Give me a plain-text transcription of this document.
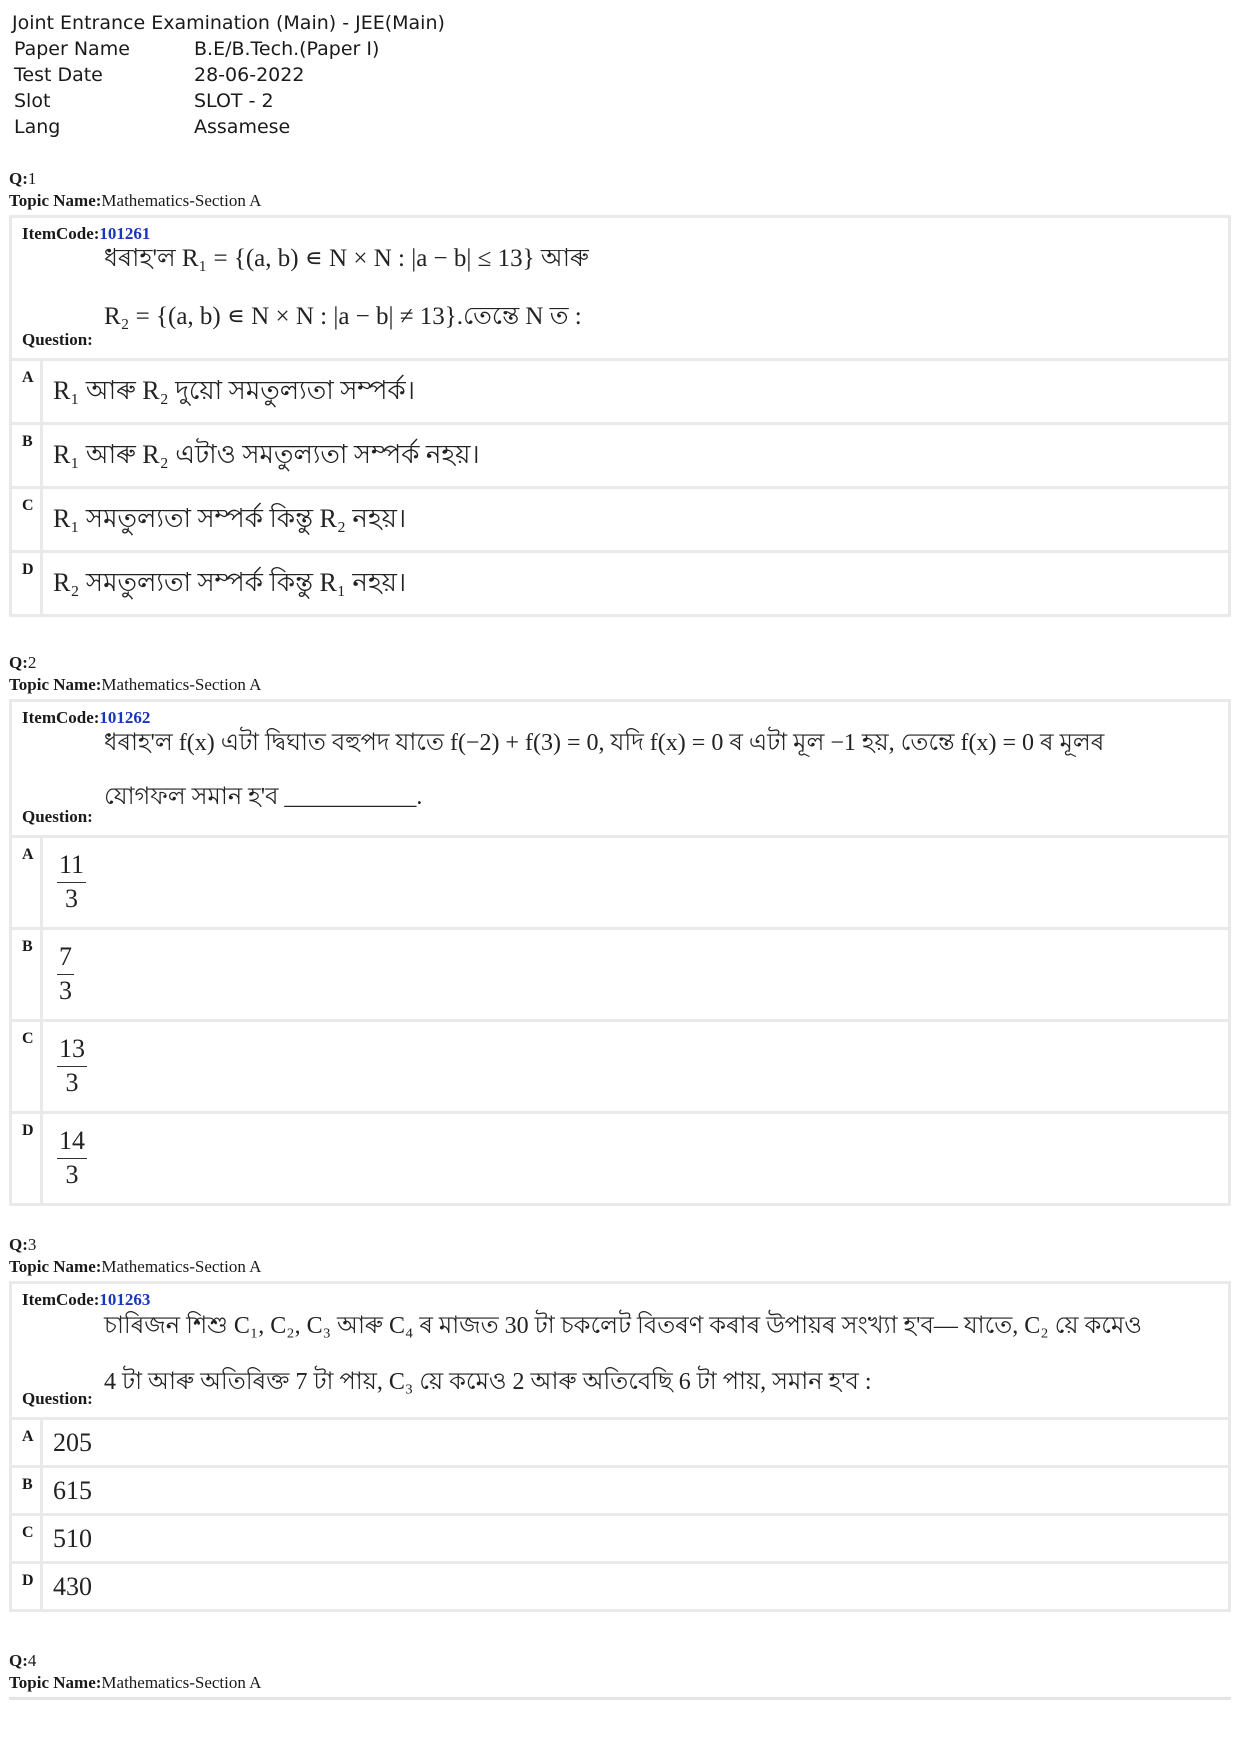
Joint Entrance Examination (Main) - JEE(Main)
Paper Name	B.E/B.Tech.(Paper I)
Test Date	28-06-2022
Slot	SLOT - 2
Lang	Assamese
Q:1
Topic Name:Mathematics-Section A
ItemCode:101261
ধৰাহ'ল R₁ = {(a, b) ∊ N × N : |a − b| ≤ 13} আৰু
R₂ = {(a, b) ∊ N × N : |a − b| ≠ 13}.তেন্তে N ত :
Question:
A R₁ আৰু R₂ দুয়ো সমতুল্যতা সম্পৰ্ক।
B R₁ আৰু R₂ এটাও সমতুল্যতা সম্পৰ্ক নহয়।
C R₁ সমতুল্যতা সম্পৰ্ক কিন্তু R₂ নহয়।
D R₂ সমতুল্যতা সম্পৰ্ক কিন্তু R₁ নহয়।
Q:2
Topic Name:Mathematics-Section A
ItemCode:101262
ধৰাহ'ল f(x) এটা দ্বিঘাত বহুপদ যাতে f(−2) + f(3) = 0, যদি f(x) = 0 ৰ এটা মূল −1 হয়, তেন্তে f(x) = 0 ৰ মূলৰ
যোগফল সমান হ'ব ___________.
Question:
A $\frac{11}{3}$
B $\frac{7}{3}$
C $\frac{13}{3}$
D $\frac{14}{3}$
Q:3
Topic Name:Mathematics-Section A
ItemCode:101263
চাৰিজন শিশু C₁, C₂, C₃ আৰু C₄ ৰ মাজত 30 টা চকলেট বিতৰণ কৰাৰ উপায়ৰ সংখ্যা হ'ব— যাতে, C₂ য়ে কমেও
4 টা আৰু অতিৰিক্ত 7 টা পায়, C₃ য়ে কমেও 2 আৰু অতিবেছি 6 টা পায়, সমান হ'ব :
Question:
A 205
B 615
C 510
D 430
Q:4
Topic Name:Mathematics-Section A
